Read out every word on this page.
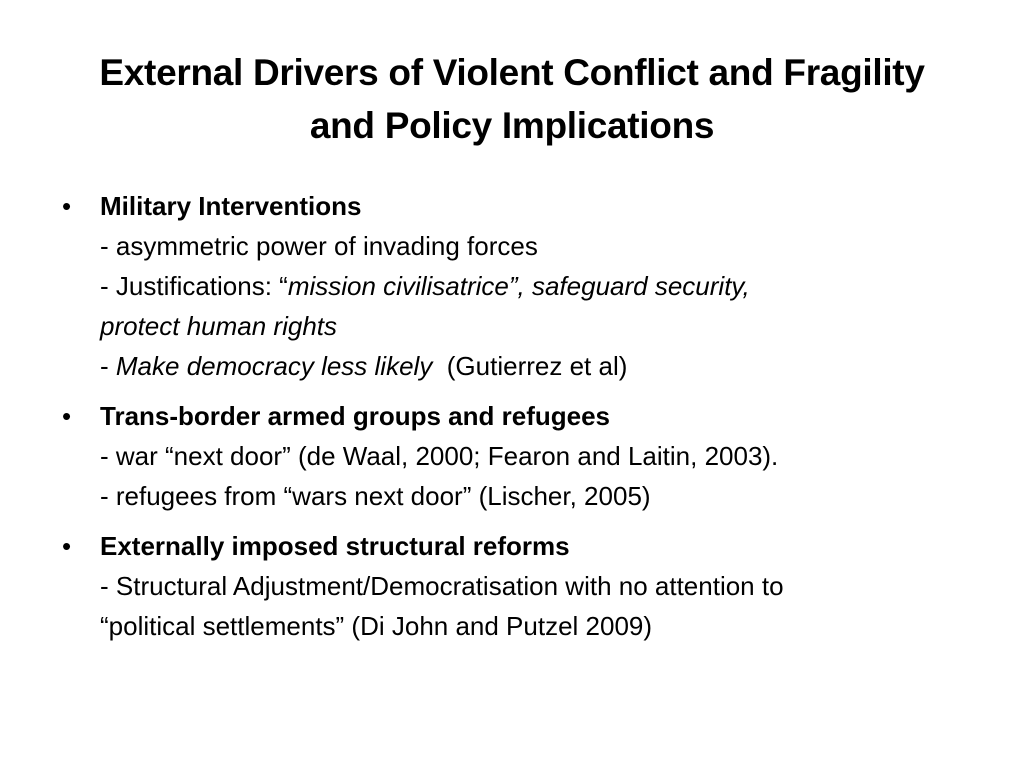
External Drivers of Violent Conflict and Fragility
and Policy Implications
• Military Interventions
- asymmetric power of invading forces
- Justifications: “mission civilisatrice”, safeguard security,
protect human rights
- Make democracy less likely  (Gutierrez et al)
• Trans-border armed groups and refugees
- war “next door” (de Waal, 2000; Fearon and Laitin, 2003).
- refugees from “wars next door” (Lischer, 2005)
• Externally imposed structural reforms
- Structural Adjustment/Democratisation with no attention to
“political settlements” (Di John and Putzel 2009)
